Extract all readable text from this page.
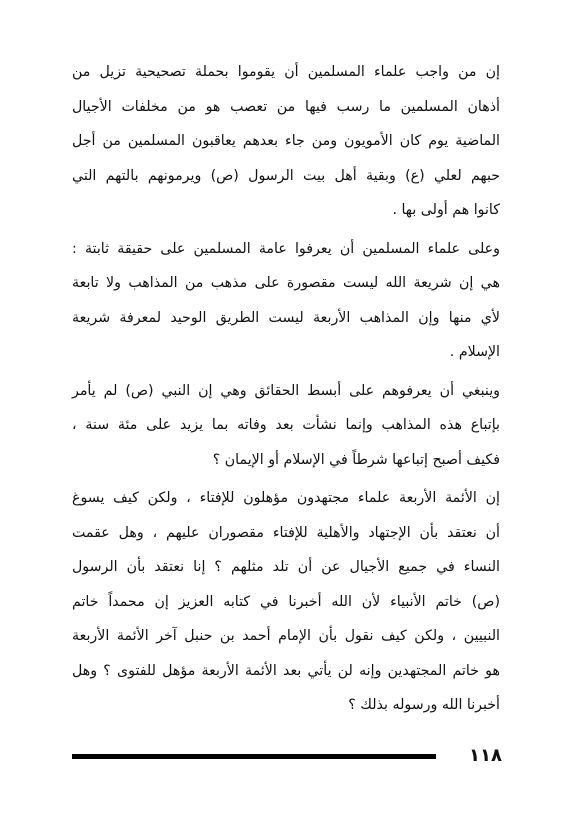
إن من واجب علماء المسلمين أن يقوموا بحملة تصحيحية تزيل من
أذهان المسلمين ما رسب فيها من تعصب هو من مخلفات الأجيال
الماضية يوم كان الأمويون ومن جاء بعدهم يعاقبون المسلمين من أجل
حبهم لعلي (ع) وبقية أهل بيت الرسول (ص) ويرمونهم بالتهم التي
كانوا هم أولى بها .

وعلى علماء المسلمين أن يعرفوا عامة المسلمين على حقيقة ثابتة :
هي إن شريعة الله ليست مقصورة على مذهب من المذاهب ولا تابعة
لأي منها وإن المذاهب الأربعة ليست الطريق الوحيد لمعرفة شريعة
الإسلام .

وينبغي أن يعرفوهم على أبسط الحقائق وهي إن النبي (ص) لم يأمر
بإتباع هذه المذاهب وإنما نشأت بعد وفاته بما يزيد على مئة سنة ،
فكيف أصبح إتباعها شرطاً في الإسلام أو الإيمان ؟

إن الأئمة الأربعة علماء مجتهدون مؤهلون للإفتاء ، ولكن كيف يسوغ
أن نعتقد بأن الإجتهاد والأهلية للإفتاء مقصوران عليهم ، وهل عقمت
النساء في جميع الأجيال عن أن تلد مثلهم ؟ إنا نعتقد بأن الرسول
(ص) خاتم الأنبياء لأن الله أخبرنا في كتابه العزيز إن محمداً خاتم
النبيين ، ولكن كيف نقول بأن الإمام أحمد بن حنبل آخر الأئمة الأربعة
هو خاتم المجتهدين وإنه لن يأتي بعد الأئمة الأربعة مؤهل للفتوى ؟ وهل
أخبرنا الله ورسوله بذلك ؟

١١٨
